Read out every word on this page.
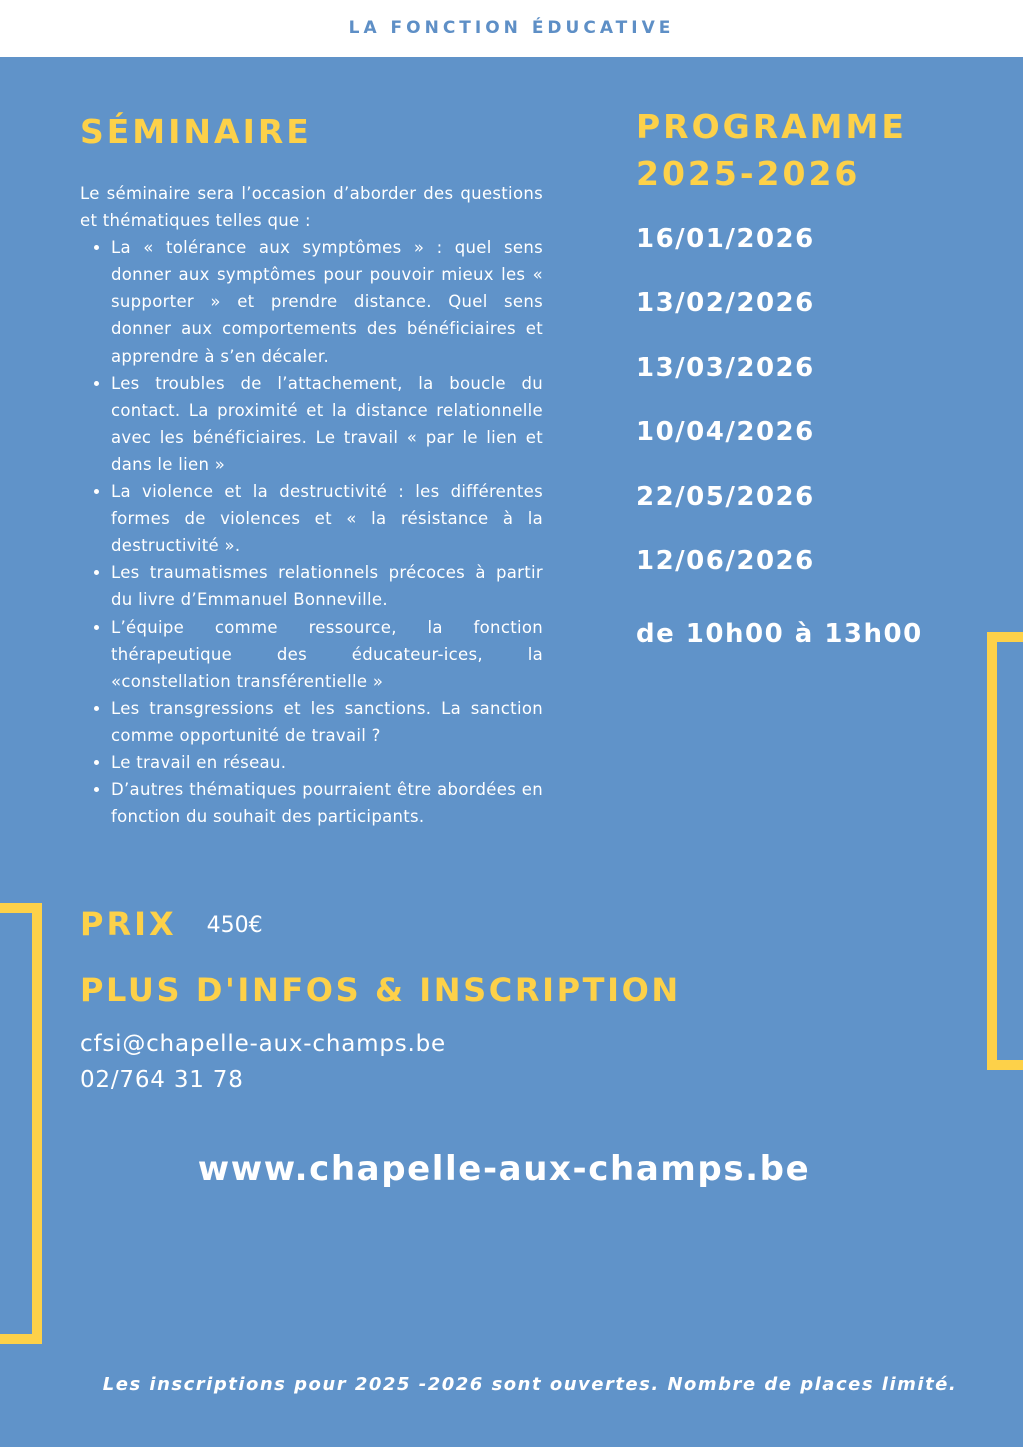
LA FONCTION ÉDUCATIVE
SÉMINAIRE

Le séminaire sera l’occasion d’aborder des questions et thématiques telles que :

• La « tolérance aux symptômes » : quel sens donner aux symptômes pour pouvoir mieux les « supporter » et prendre distance. Quel sens donner aux comportements des bénéficiaires et apprendre à s’en décaler.
• Les troubles de l’attachement, la boucle du contact. La proximité et la distance relationnelle avec les bénéficiaires. Le travail « par le lien et dans le lien »
• La violence et la destructivité : les différentes formes de violences et « la résistance à la destructivité ».
• Les traumatismes relationnels précoces à partir du livre d’Emmanuel Bonneville.
• L’équipe comme ressource, la fonction thérapeutique des éducateur-ices, la «constellation transférentielle »
• Les transgressions et les sanctions. La sanction comme opportunité de travail ?
• Le travail en réseau.
• D’autres thématiques pourraient être abordées en fonction du souhait des participants.
PROGRAMME 2025-2026
16/01/2026
13/02/2026
13/03/2026
10/04/2026
22/05/2026
12/06/2026
de 10h00 à 13h00
PRIX 450€
PLUS D'INFOS & INSCRIPTION
cfsi@chapelle-aux-champs.be
02/764 31 78
www.chapelle-aux-champs.be
Les inscriptions pour 2025 -2026 sont ouvertes. Nombre de places limité.
